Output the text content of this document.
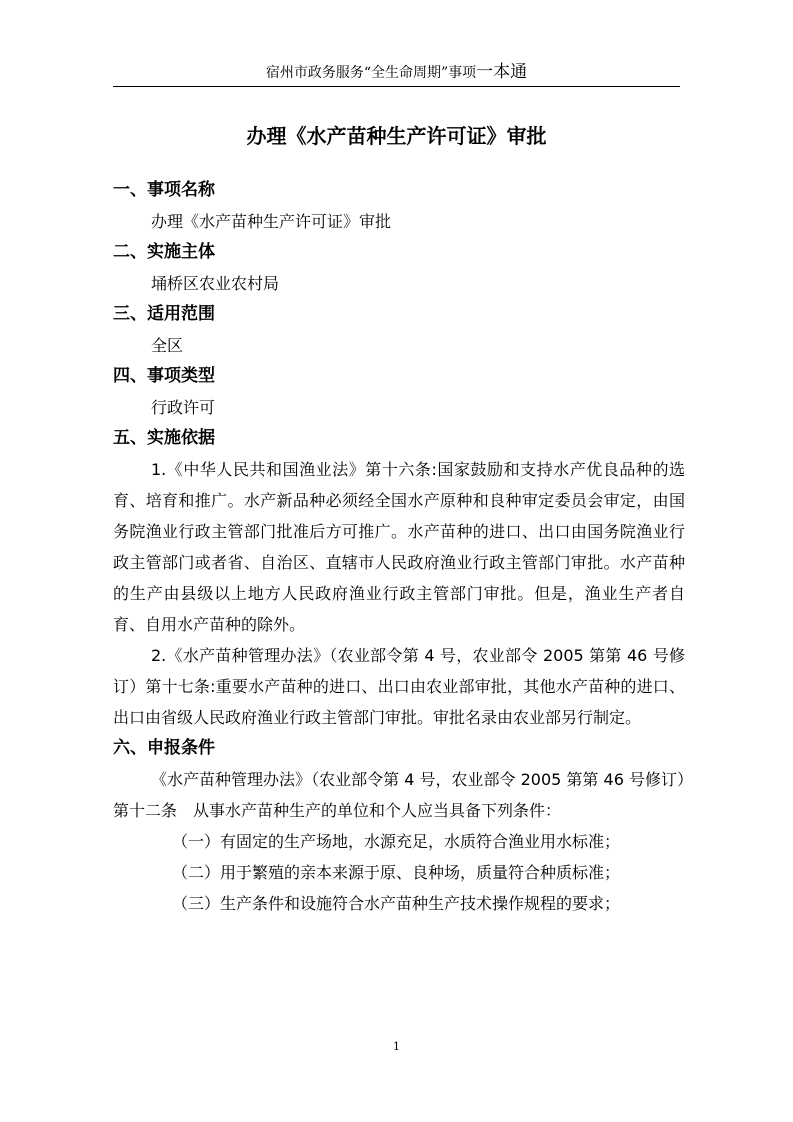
宿州市政务服务“全生命周期”事项一本通
办理《水产苗种生产许可证》审批

一、事项名称

办理《水产苗种生产许可证》审批

二、实施主体

埇桥区农业农村局

三、适用范围

全区

四、事项类型

行政许可

五、实施依据

1.《中华人民共和国渔业法》第十六条:国家鼓励和支持水产优良品种的选育、培育和推广。水产新品种必须经全国水产原种和良种审定委员会审定，由国务院渔业行政主管部门批准后方可推广。水产苗种的进口、出口由国务院渔业行政主管部门或者省、自治区、直辖市人民政府渔业行政主管部门审批。水产苗种的生产由县级以上地方人民政府渔业行政主管部门审批。但是，渔业生产者自育、自用水产苗种的除外。

2.《水产苗种管理办法》（农业部令第 4 号，农业部令 2005 第第 46 号修订）第十七条:重要水产苗种的进口、出口由农业部审批，其他水产苗种的进口、出口由省级人民政府渔业行政主管部门审批。审批名录由农业部另行制定。

六、申报条件

《水产苗种管理办法》（农业部令第 4 号，农业部令 2005 第第 46 号修订）第十二条　从事水产苗种生产的单位和个人应当具备下列条件：

（一）有固定的生产场地，水源充足，水质符合渔业用水标准；

（二）用于繁殖的亲本来源于原、良种场，质量符合种质标准；

（三）生产条件和设施符合水产苗种生产技术操作规程的要求；

1
